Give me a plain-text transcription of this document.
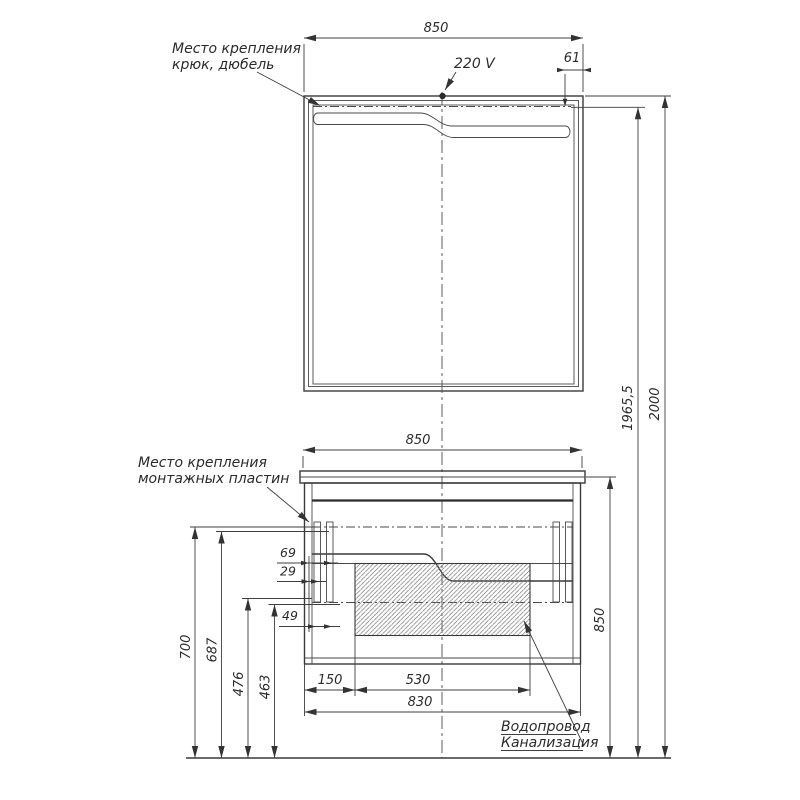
Место крепления
крюк, дюбель	220 V
850
61
1965,5 2000
850
Место крепления
монтажных пластин
69
29
49
700 687
476 463
850
150	530
830
Водопровод
Канализация
